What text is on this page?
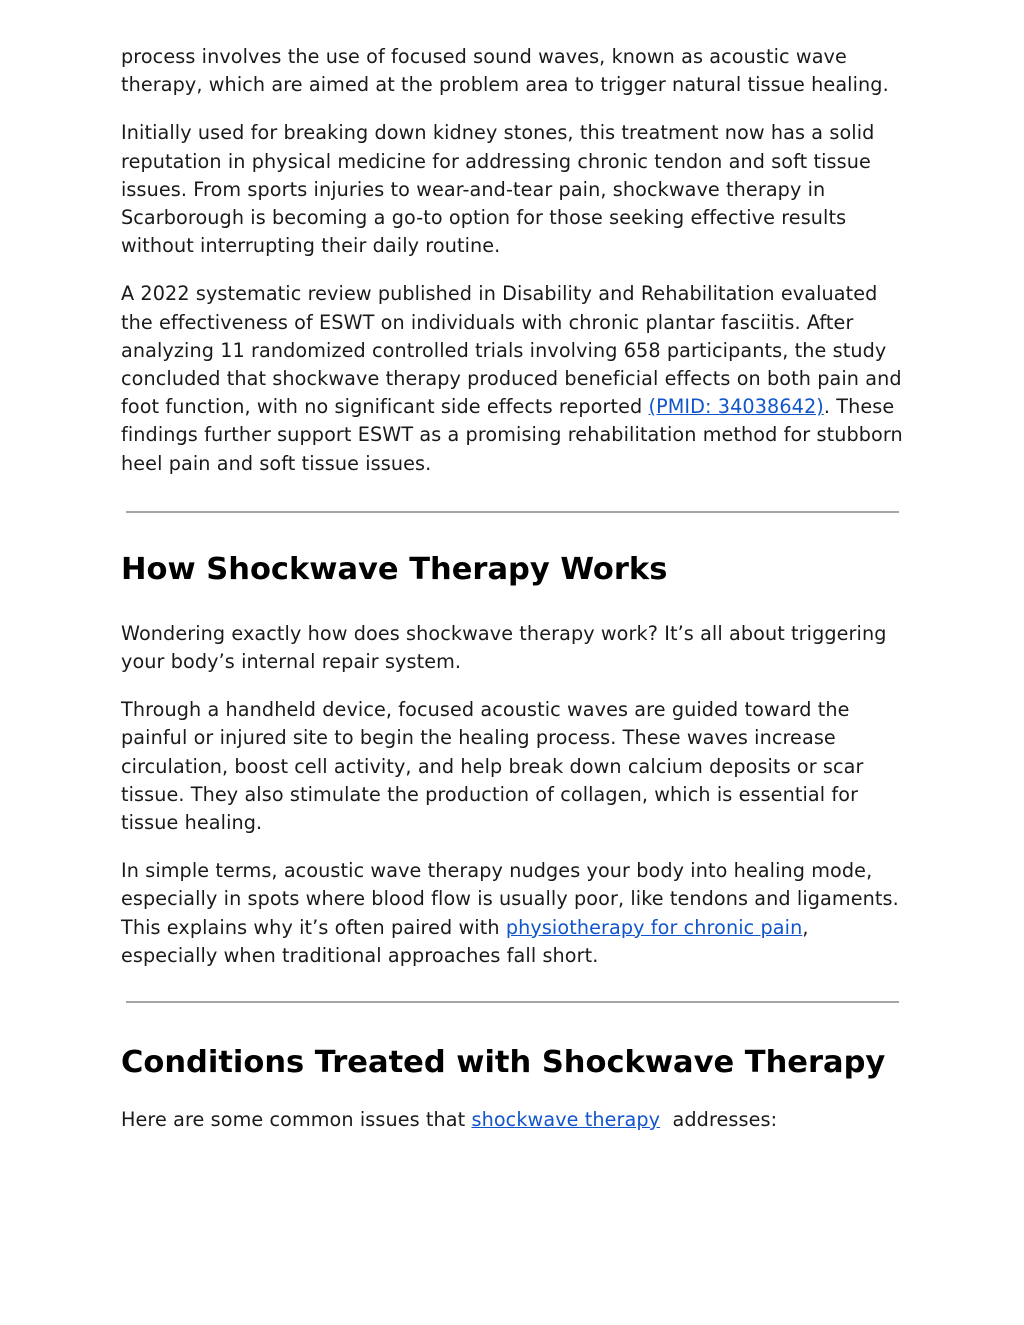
process involves the use of focused sound waves, known as acoustic wave therapy, which are aimed at the problem area to trigger natural tissue healing.

Initially used for breaking down kidney stones, this treatment now has a solid reputation in physical medicine for addressing chronic tendon and soft tissue issues. From sports injuries to wear-and-tear pain, shockwave therapy in Scarborough is becoming a go-to option for those seeking effective results without interrupting their daily routine.

A 2022 systematic review published in Disability and Rehabilitation evaluated the effectiveness of ESWT on individuals with chronic plantar fasciitis. After analyzing 11 randomized controlled trials involving 658 participants, the study concluded that shockwave therapy produced beneficial effects on both pain and foot function, with no significant side effects reported (PMID: 34038642). These findings further support ESWT as a promising rehabilitation method for stubborn heel pain and soft tissue issues.

How Shockwave Therapy Works

Wondering exactly how does shockwave therapy work? It’s all about triggering your body’s internal repair system.

Through a handheld device, focused acoustic waves are guided toward the painful or injured site to begin the healing process. These waves increase circulation, boost cell activity, and help break down calcium deposits or scar tissue. They also stimulate the production of collagen, which is essential for tissue healing.

In simple terms, acoustic wave therapy nudges your body into healing mode, especially in spots where blood flow is usually poor, like tendons and ligaments. This explains why it’s often paired with physiotherapy for chronic pain, especially when traditional approaches fall short.

Conditions Treated with Shockwave Therapy

Here are some common issues that shockwave therapy  addresses:
